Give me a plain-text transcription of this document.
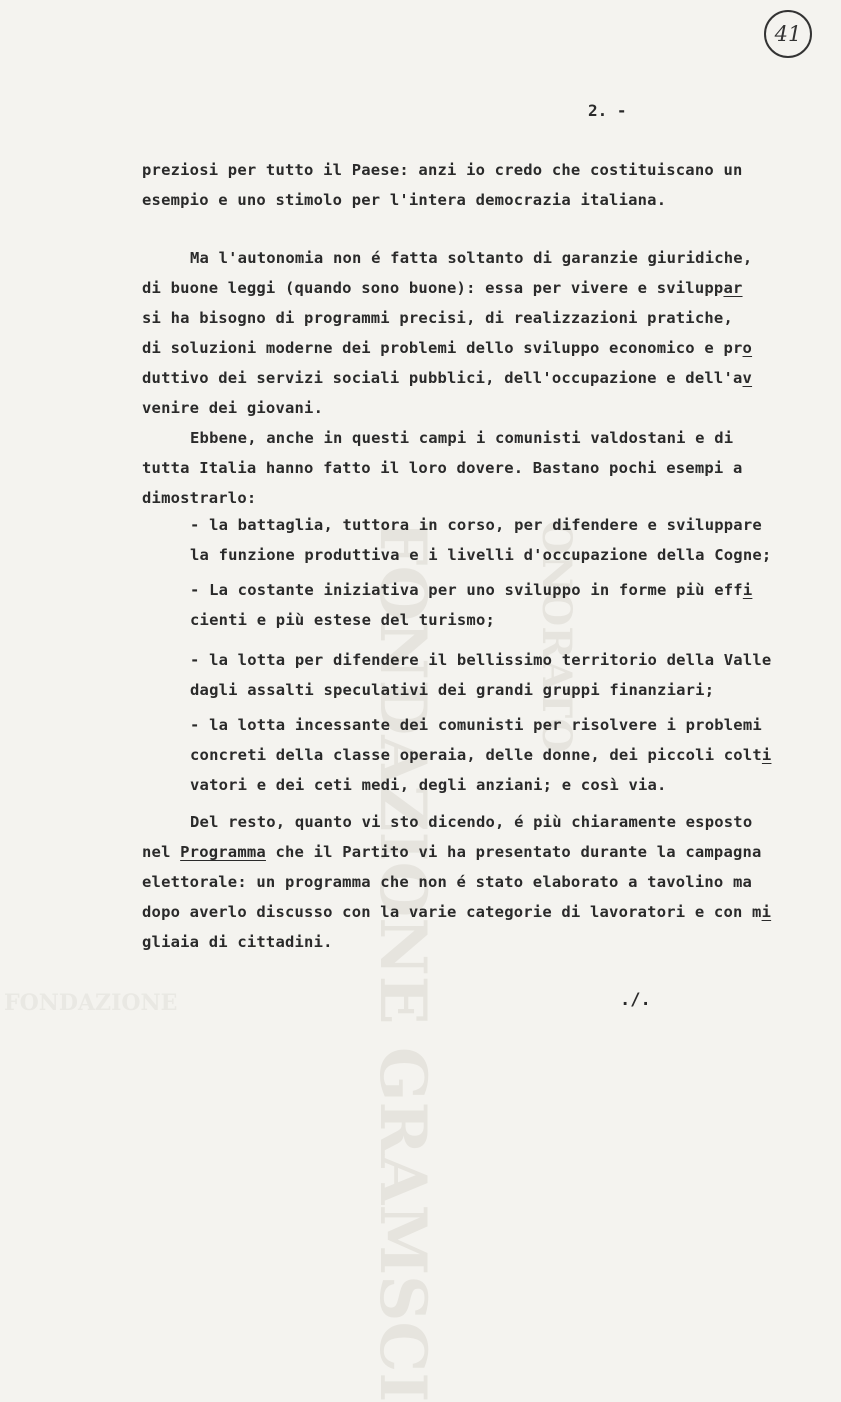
FONDAZIONE GRAMSCI ONORATO
FONDAZIONE
41
2. -
preziosi per tutto il Paese: anzi io credo che costituiscano un
esempio e uno stimolo per l'intera democrazia italiana.
Ma l'autonomia non é fatta soltanto di garanzie giuridiche,
di buone leggi (quando sono buone): essa per vivere e sviluppar
si ha bisogno di programmi precisi, di realizzazioni pratiche,
di soluzioni moderne dei problemi dello sviluppo economico e pro
duttivo dei servizi sociali pubblici, dell'occupazione e dell'av
venire dei giovani.
Ebbene, anche in questi campi i comunisti valdostani e di
tutta Italia hanno fatto il loro dovere. Bastano pochi esempi a
dimostrarlo:
- la battaglia, tuttora in corso, per difendere e sviluppare
la funzione produttiva e i livelli d'occupazione della Cogne;
- La costante iniziativa per uno sviluppo in forme più effi
cienti e più estese del turismo;
- la lotta per difendere il bellissimo territorio della Valle
dagli assalti speculativi dei grandi gruppi finanziari;
- la lotta incessante dei comunisti per risolvere i problemi
concreti della classe operaia, delle donne, dei piccoli colti
vatori e dei ceti medi, degli anziani; e così via.
Del resto, quanto vi sto dicendo, é più chiaramente esposto
nel Programma che il Partito vi ha presentato durante la campagna
elettorale: un programma che non é stato elaborato a tavolino ma
dopo averlo discusso con la varie categorie di lavoratori e con mi
gliaia di cittadini.
./.
